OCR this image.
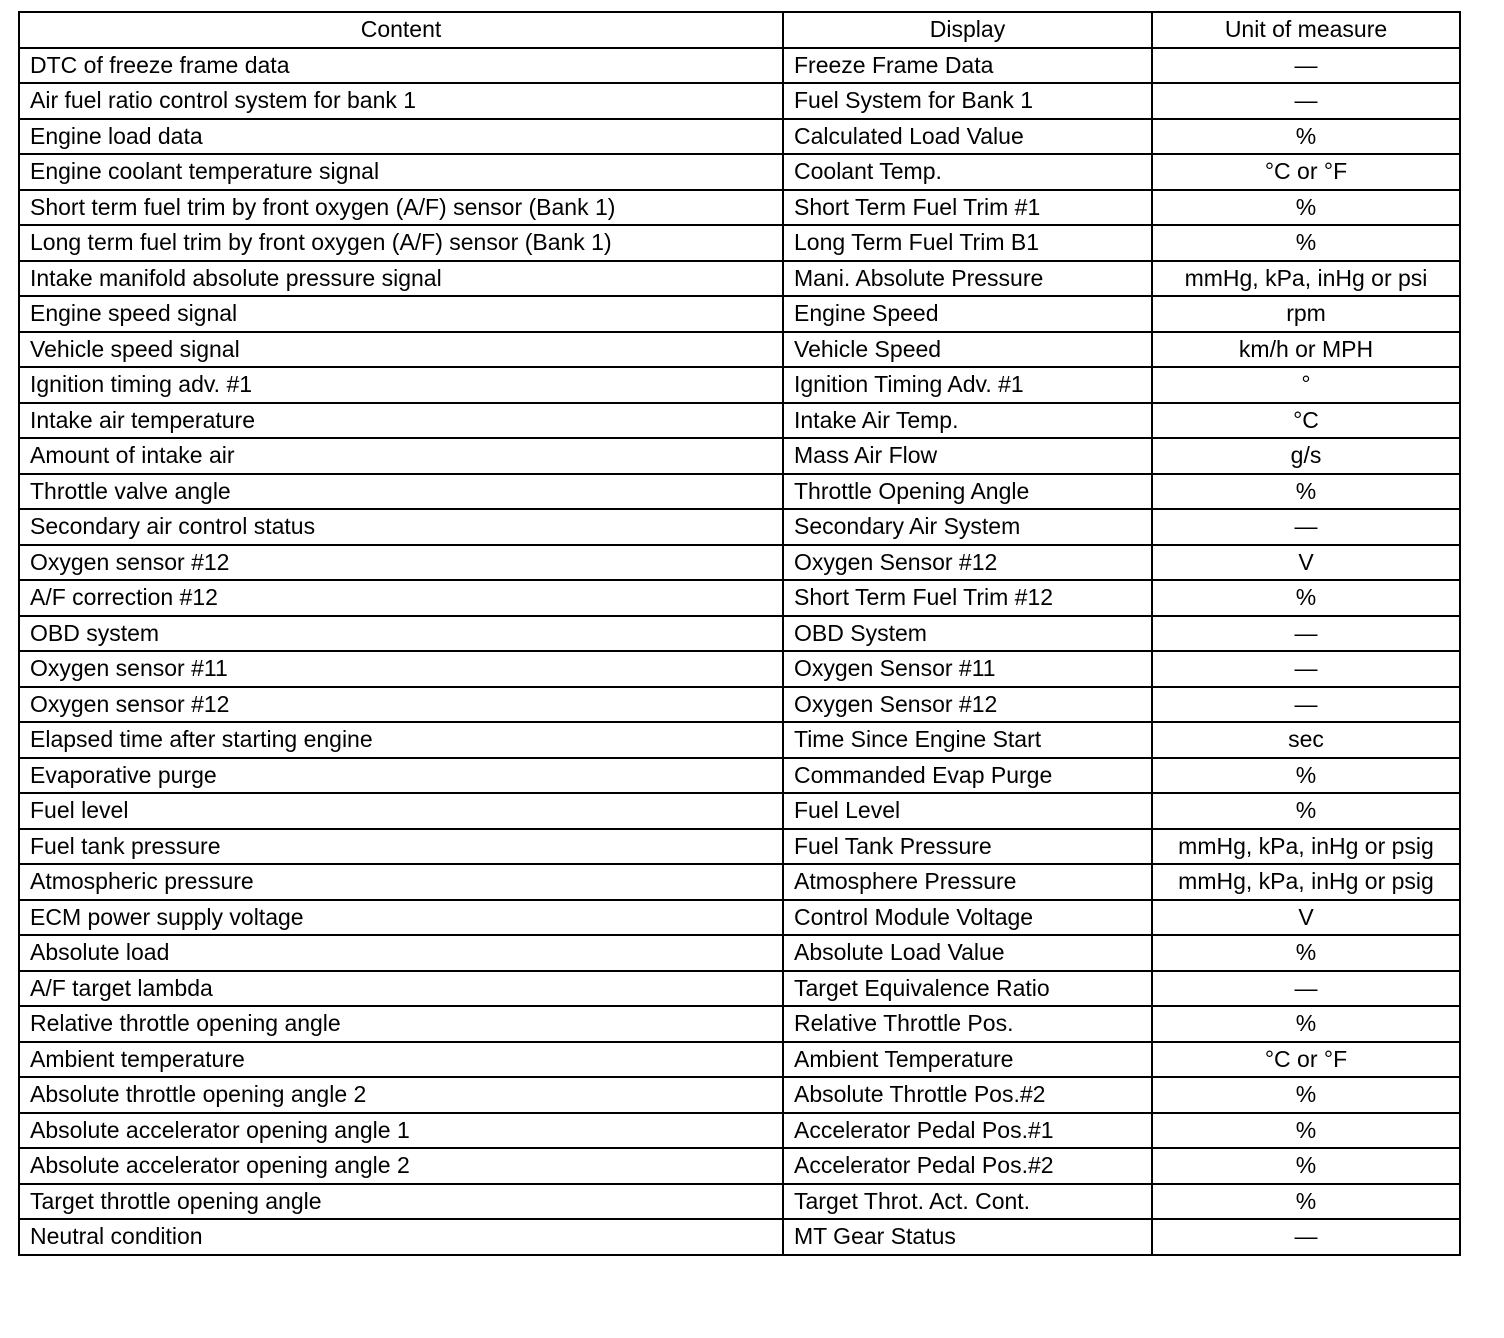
Content	Display	Unit of measure
DTC of freeze frame data	Freeze Frame Data	—
Air fuel ratio control system for bank 1	Fuel System for Bank 1	—
Engine load data	Calculated Load Value	%
Engine coolant temperature signal	Coolant Temp.	°C or °F
Short term fuel trim by front oxygen (A/F) sensor (Bank 1)	Short Term Fuel Trim #1	%
Long term fuel trim by front oxygen (A/F) sensor (Bank 1)	Long Term Fuel Trim B1	%
Intake manifold absolute pressure signal	Mani. Absolute Pressure	mmHg, kPa, inHg or psi
Engine speed signal	Engine Speed	rpm
Vehicle speed signal	Vehicle Speed	km/h or MPH
Ignition timing adv. #1	Ignition Timing Adv. #1	°
Intake air temperature	Intake Air Temp.	°C
Amount of intake air	Mass Air Flow	g/s
Throttle valve angle	Throttle Opening Angle	%
Secondary air control status	Secondary Air System	—
Oxygen sensor #12	Oxygen Sensor #12	V
A/F correction #12	Short Term Fuel Trim #12	%
OBD system	OBD System	—
Oxygen sensor #11	Oxygen Sensor #11	—
Oxygen sensor #12	Oxygen Sensor #12	—
Elapsed time after starting engine	Time Since Engine Start	sec
Evaporative purge	Commanded Evap Purge	%
Fuel level	Fuel Level	%
Fuel tank pressure	Fuel Tank Pressure	mmHg, kPa, inHg or psig
Atmospheric pressure	Atmosphere Pressure	mmHg, kPa, inHg or psig
ECM power supply voltage	Control Module Voltage	V
Absolute load	Absolute Load Value	%
A/F target lambda	Target Equivalence Ratio	—
Relative throttle opening angle	Relative Throttle Pos.	%
Ambient temperature	Ambient Temperature	°C or °F
Absolute throttle opening angle 2	Absolute Throttle Pos.#2	%
Absolute accelerator opening angle 1	Accelerator Pedal Pos.#1	%
Absolute accelerator opening angle 2	Accelerator Pedal Pos.#2	%
Target throttle opening angle	Target Throt. Act. Cont.	%
Neutral condition	MT Gear Status	—
